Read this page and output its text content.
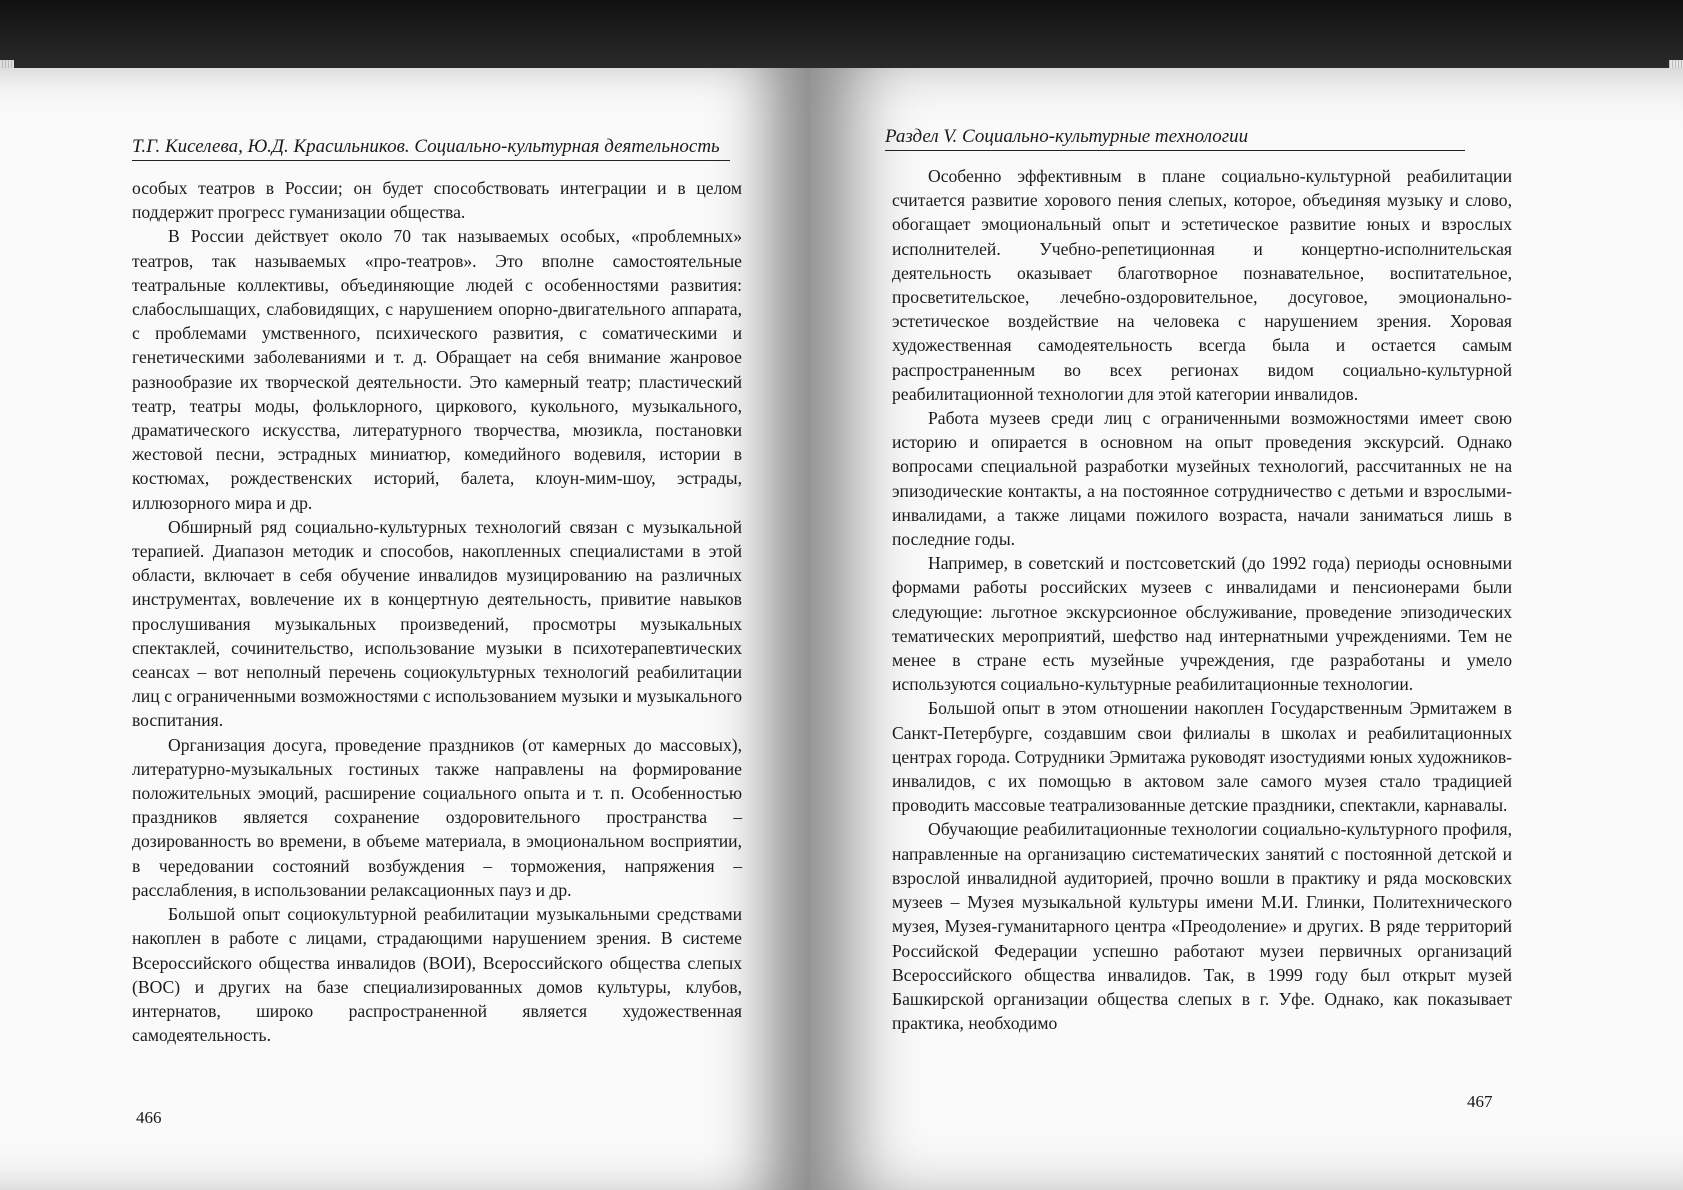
Т.Г. Киселева, Ю.Д. Красильников. Социально-культурная деятельность

особых театров в России; он будет способствовать интеграции и в целом поддержит прогресс гуманизации общества.

В России действует около 70 так называемых особых, «проблемных» театров, так называемых «про-театров». Это вполне самостоятельные театральные коллективы, объединяющие людей с особенностями развития: слабослышащих, слабовидящих, с нарушением опорно-двигательного аппарата, с проблемами умственного, психического развития, с соматическими и генетическими заболеваниями и т. д. Обращает на себя внимание жанровое разнообразие их творческой деятельности. Это камерный театр; пластический театр, театры моды, фольклорного, циркового, кукольного, музыкального, драматического искусства, литературного творчества, мюзикла, постановки жестовой песни, эстрадных миниатюр, комедийного водевиля, истории в костюмах, рождественских историй, балета, клоун-мим-шоу, эстрады, иллюзорного мира и др.

Обширный ряд социально-культурных технологий связан с музыкальной терапией. Диапазон методик и способов, накопленных специалистами в этой области, включает в себя обучение инвалидов музицированию на различных инструментах, вовлечение их в концертную деятельность, привитие навыков прослушивания музыкальных произведений, просмотры музыкальных спектаклей, сочинительство, использование музыки в психотерапевтических сеансах – вот неполный перечень социокультурных технологий реабилитации лиц с ограниченными возможностями с использованием музыки и музыкального воспитания.

Организация досуга, проведение праздников (от камерных до массовых), литературно-музыкальных гостиных также направлены на формирование положительных эмоций, расширение социального опыта и т. п. Особенностью праздников является сохранение оздоровительного пространства – дозированность во времени, в объеме материала, в эмоциональном восприятии, в чередовании состояний возбуждения – торможения, напряжения – расслабления, в использовании релаксационных пауз и др.

Большой опыт социокультурной реабилитации музыкальными средствами накоплен в работе с лицами, страдающими нарушением зрения. В системе Всероссийского общества инвалидов (ВОИ), Всероссийского общества слепых (ВОС) и других на базе специализированных домов культуры, клубов, интернатов, широко распространенной является художественная самодеятельность.

466
Раздел V. Социально-культурные технологии

Особенно эффективным в плане социально-культурной реабилитации считается развитие хорового пения слепых, которое, объединяя музыку и слово, обогащает эмоциональный опыт и эстетическое развитие юных и взрослых исполнителей. Учебно-репетиционная и концертно-исполнительская деятельность оказывает благотворное познавательное, воспитательное, просветительское, лечебно-оздоровительное, досуговое, эмоционально-эстетическое воздействие на человека с нарушением зрения. Хоровая художественная самодеятельность всегда была и остается самым распространенным во всех регионах видом социально-культурной реабилитационной технологии для этой категории инвалидов.

Работа музеев среди лиц с ограниченными возможностями имеет свою историю и опирается в основном на опыт проведения экскурсий. Однако вопросами специальной разработки музейных технологий, рассчитанных не на эпизодические контакты, а на постоянное сотрудничество с детьми и взрослыми-инвалидами, а также лицами пожилого возраста, начали заниматься лишь в последние годы.

Например, в советский и постсоветский (до 1992 года) периоды основными формами работы российских музеев с инвалидами и пенсионерами были следующие: льготное экскурсионное обслуживание, проведение эпизодических тематических мероприятий, шефство над интернатными учреждениями. Тем не менее в стране есть музейные учреждения, где разработаны и умело используются социально-культурные реабилитационные технологии.

Большой опыт в этом отношении накоплен Государственным Эрмитажем в Санкт-Петербурге, создавшим свои филиалы в школах и реабилитационных центрах города. Сотрудники Эрмитажа руководят изостудиями юных художников-инвалидов, с их помощью в актовом зале самого музея стало традицией проводить массовые театрализованные детские праздники, спектакли, карнавалы.

Обучающие реабилитационные технологии социально-культурного профиля, направленные на организацию систематических занятий с постоянной детской и взрослой инвалидной аудиторией, прочно вошли в практику и ряда московских музеев – Музея музыкальной культуры имени М.И. Глинки, Политехнического музея, Музея-гуманитарного центра «Преодоление» и других. В ряде территорий Российской Федерации успешно работают музеи первичных организаций Всероссийского общества инвалидов. Так, в 1999 году был открыт музей Башкирской организации общества слепых в г. Уфе. Однако, как показывает практика, необходимо

467
